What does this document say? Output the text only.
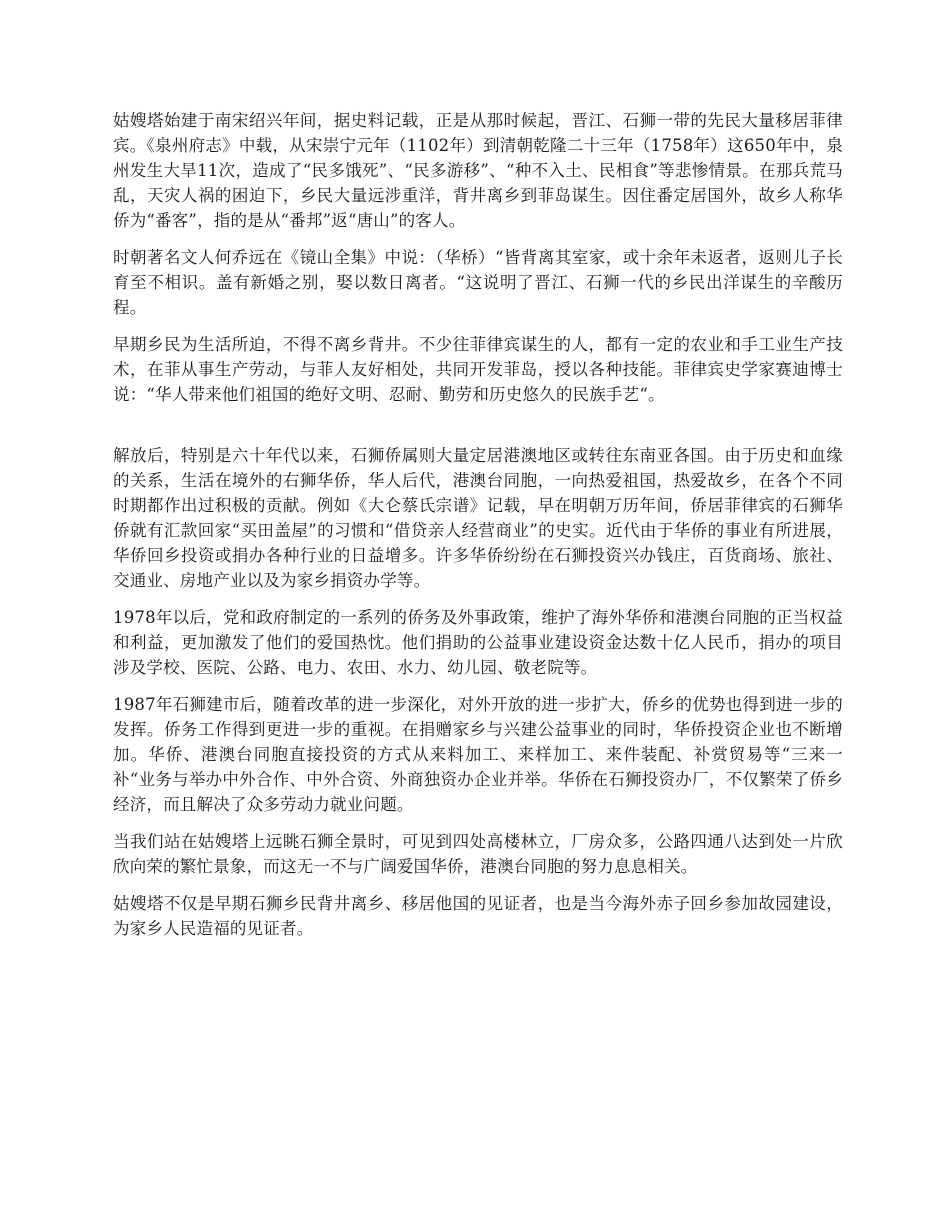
姑嫂塔始建于南宋绍兴年间，据史料记载，正是从那时候起，晋江、石狮一带的先民大量移居菲律宾。《泉州府志》中载，从宋崇宁元年（1102年）到清朝乾隆二十三年（1758年）这650年中，泉州发生大旱11次，造成了“民多饿死”、“民多游移”、“种不入土、民相食”等悲惨情景。在那兵荒马乱，天灾人祸的困迫下，乡民大量远涉重洋，背井离乡到菲岛谋生。因住番定居国外，故乡人称华侨为“番客”，指的是从“番邦”返“唐山”的客人。

时朝著名文人何乔远在《镜山全集》中说：（华桥）“皆背离其室家，或十余年未返者，返则儿子长育至不相识。盖有新婚之别，娶以数日离者。“这说明了晋江、石狮一代的乡民出洋谋生的辛酸历程。

早期乡民为生活所迫，不得不离乡背井。不少往菲律宾谋生的人，都有一定的农业和手工业生产技术，在菲从事生产劳动，与菲人友好相处，共同开发菲岛，授以各种技能。菲律宾史学家赛迪博士说：“华人带来他们祖国的绝好文明、忍耐、勤劳和历史悠久的民族手艺“。

解放后，特别是六十年代以来，石狮侨属则大量定居港澳地区或转往东南亚各国。由于历史和血缘的关系，生活在境外的右狮华侨，华人后代，港澳台同胞，一向热爱祖国，热爱故乡，在各个不同时期都作出过积极的贡献。例如《大仑蔡氏宗谱》记载，早在明朝万历年间，侨居菲律宾的石狮华侨就有汇款回家“买田盖屋”的习惯和“借贷亲人经营商业”的史实。近代由于华侨的事业有所进展，华侨回乡投资或捐办各种行业的日益增多。许多华侨纷纷在石狮投资兴办钱庄，百货商场、旅社、交通业、房地产业以及为家乡捐资办学等。

1978年以后，党和政府制定的一系列的侨务及外事政策，维护了海外华侨和港澳台同胞的正当权益和利益，更加激发了他们的爱国热忱。他们捐助的公益事业建设资金达数十亿人民币，捐办的项目涉及学校、医院、公路、电力、农田、水力、幼儿园、敬老院等。

1987年石狮建市后，随着改革的进一步深化，对外开放的进一步扩大，侨乡的优势也得到进一步的发挥。侨务工作得到更进一步的重视。在捐赠家乡与兴建公益事业的同时，华侨投资企业也不断增加。华侨、港澳台同胞直接投资的方式从来料加工、来样加工、来件装配、补赏贸易等“三来一补“业务与举办中外合作、中外合资、外商独资办企业并举。华侨在石狮投资办厂，不仅繁荣了侨乡经济，而且解决了众多劳动力就业问题。

当我们站在姑嫂塔上远眺石狮全景时，可见到四处高楼林立，厂房众多，公路四通八达到处一片欣欣向荣的繁忙景象，而这无一不与广阔爱国华侨，港澳台同胞的努力息息相关。

姑嫂塔不仅是早期石狮乡民背井离乡、移居他国的见证者，也是当今海外赤子回乡参加故园建设，为家乡人民造福的见证者。
